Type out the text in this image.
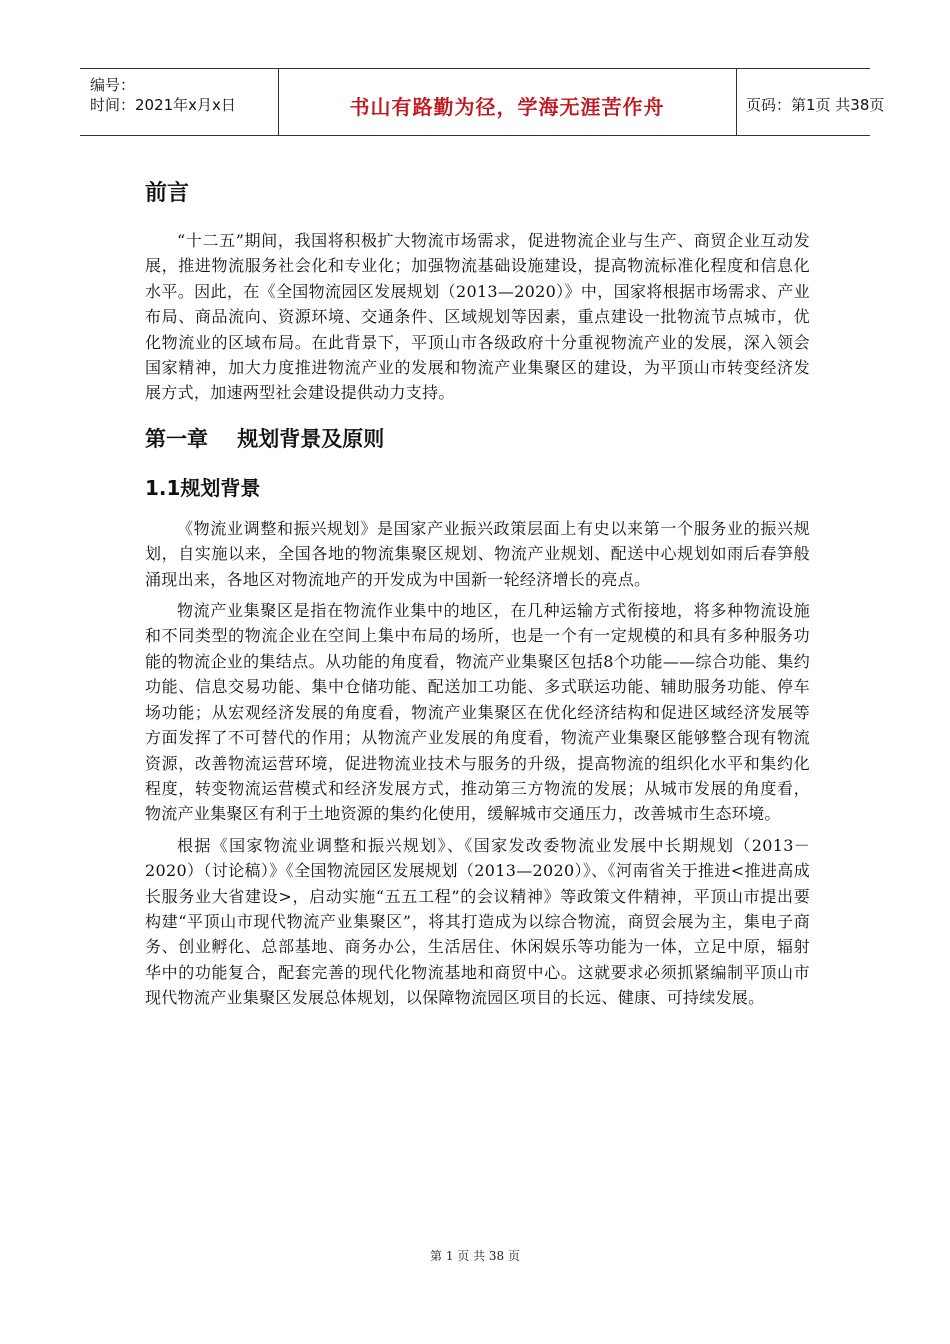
编号：
时间：2021年x月x日	书山有路勤为径，学海无涯苦作舟	页码：第1页 共38页
前言

“十二五”期间，我国将积极扩大物流市场需求，促进物流企业与生产、商贸企业互动发展，推进物流服务社会化和专业化；加强物流基础设施建设，提高物流标准化程度和信息化水平。因此，在《全国物流园区发展规划（2013—2020）》中，国家将根据市场需求、产业布局、商品流向、资源环境、交通条件、区域规划等因素，重点建设一批物流节点城市，优化物流业的区域布局。在此背景下，平顶山市各级政府十分重视物流产业的发展，深入领会国家精神，加大力度推进物流产业的发展和物流产业集聚区的建设，为平顶山市转变经济发展方式，加速两型社会建设提供动力支持。

第一章    规划背景及原则
1.1规划背景

《物流业调整和振兴规划》是国家产业振兴政策层面上有史以来第一个服务业的振兴规划，自实施以来，全国各地的物流集聚区规划、物流产业规划、配送中心规划如雨后春笋般涌现出来，各地区对物流地产的开发成为中国新一轮经济增长的亮点。

物流产业集聚区是指在物流作业集中的地区，在几种运输方式衔接地，将多种物流设施和不同类型的物流企业在空间上集中布局的场所，也是一个有一定规模的和具有多种服务功能的物流企业的集结点。从功能的角度看，物流产业集聚区包括8个功能——综合功能、集约功能、信息交易功能、集中仓储功能、配送加工功能、多式联运功能、辅助服务功能、停车场功能；从宏观经济发展的角度看，物流产业集聚区在优化经济结构和促进区域经济发展等方面发挥了不可替代的作用；从物流产业发展的角度看，物流产业集聚区能够整合现有物流资源，改善物流运营环境，促进物流业技术与服务的升级，提高物流的组织化水平和集约化程度，转变物流运营模式和经济发展方式，推动第三方物流的发展；从城市发展的角度看，物流产业集聚区有利于土地资源的集约化使用，缓解城市交通压力，改善城市生态环境。

根据《国家物流业调整和振兴规划》、《国家发改委物流业发展中长期规划（2013－2020）（讨论稿）》《全国物流园区发展规划（2013—2020）》、《河南省关于推进<推进高成长服务业大省建设>，启动实施“五五工程”的会议精神》等政策文件精神，平顶山市提出要构建“平顶山市现代物流产业集聚区”，将其打造成为以综合物流，商贸会展为主，集电子商务、创业孵化、总部基地、商务办公，生活居住、休闲娱乐等功能为一体，立足中原，辐射华中的功能复合，配套完善的现代化物流基地和商贸中心。这就要求必须抓紧编制平顶山市现代物流产业集聚区发展总体规划，以保障物流园区项目的长远、健康、可持续发展。

第 1 页 共 38 页
